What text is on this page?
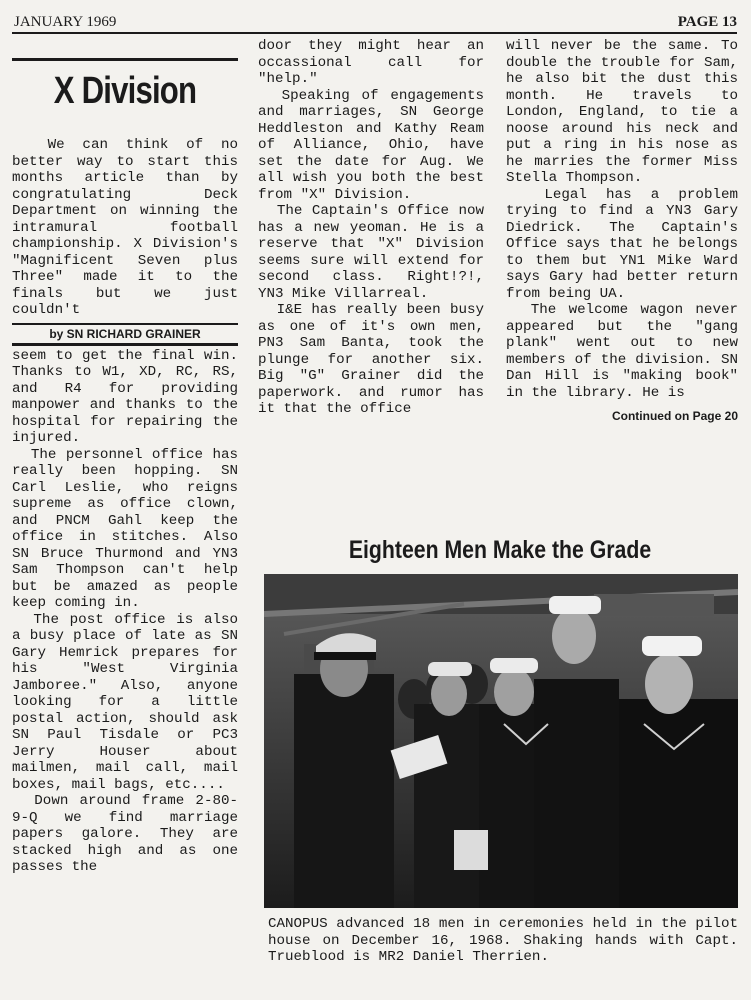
JANUARY 1969	PAGE 13
X Division
We can think of no better way to start this months article than by congratulating Deck Department on winning the intramural football championship. X Division's "Magnificent Seven plus Three" made it to the finals but we just couldn't
by SN RICHARD GRAINER
seem to get the final win. Thanks to W1, XD, RC, RS, and R4 for providing manpower and thanks to the hospital for repairing the injured.
The personnel office has really been hopping. SN Carl Leslie, who reigns supreme as office clown, and PNCM Gahl keep the office in stitches. Also SN Bruce Thurmond and YN3 Sam Thompson can't help but be amazed as people keep coming in.
The post office is also a busy place of late as SN Gary Hemrick prepares for his "West Virginia Jamboree." Also, anyone looking for a little postal action, should ask SN Paul Tisdale or PC3 Jerry Houser about mailmen, mail call, mail boxes, mail bags, etc....
Down around frame 2-80-9-Q we find marriage papers galore. They are stacked high and as one passes the
door they might hear an occassional call for "help."
Speaking of engagements and marriages, SN George Heddleston and Kathy Ream of Alliance, Ohio, have set the date for Aug. We all wish you both the best from "X" Division.
The Captain's Office now has a new yeoman. He is a reserve that "X" Division seems sure will extend for second class. Right!?!, YN3 Mike Villarreal.
I&E has really been busy as one of it's own men, PN3 Sam Banta, took the plunge for another six. Big "G" Grainer did the paperwork. and rumor has it that the office
will never be the same. To double the trouble for Sam, he also bit the dust this month. He travels to London, England, to tie a noose around his neck and put a ring in his nose as he marries the former Miss Stella Thompson.
Legal has a problem trying to find a YN3 Gary Diedrick. The Captain's Office says that he belongs to them but YN1 Mike Ward says Gary had better return from being UA.
The welcome wagon never appeared but the "gang plank" went out to new members of the division. SN Dan Hill is "making book" in the library. He is
Continued on Page 20
Eighteen Men Make the Grade
CANOPUS advanced 18 men in ceremonies held in the pilot house on December 16, 1968. Shaking hands with Capt. Trueblood is MR2 Daniel Therrien.
